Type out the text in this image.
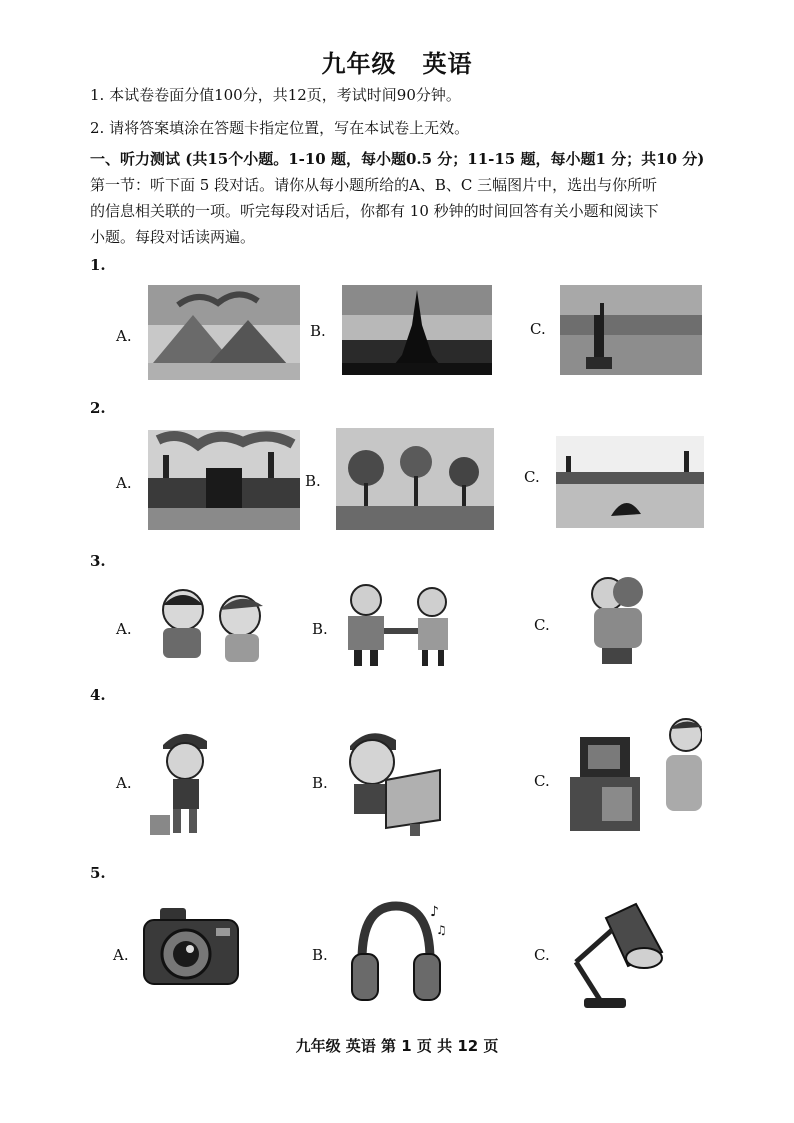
九年级 英语
1. 本试卷卷面分值100分，共12页，考试时间90分钟。
2. 请将答案填涂在答题卡指定位置，写在本试卷上无效。
一、听力测试 (共15个小题。1-10 题，每小题0.5 分；11-15 题，每小题1 分；共10 分)
第一节：听下面 5 段对话。请你从每小题所给的A、B、C 三幅图片中，选出与你所听
的信息相关联的一项。听完每段对话后，你都有 10 秒钟的时间回答有关小题和阅读下
小题。每段对话读两遍。
1.
A.	B.	C.
2.
A.	B.	C.
3.
A.	B.	C.
4.
A.	B.	C.
5.
A.	B.
♪
♫
C.
九年级 英语 第 1 页 共 12 页
